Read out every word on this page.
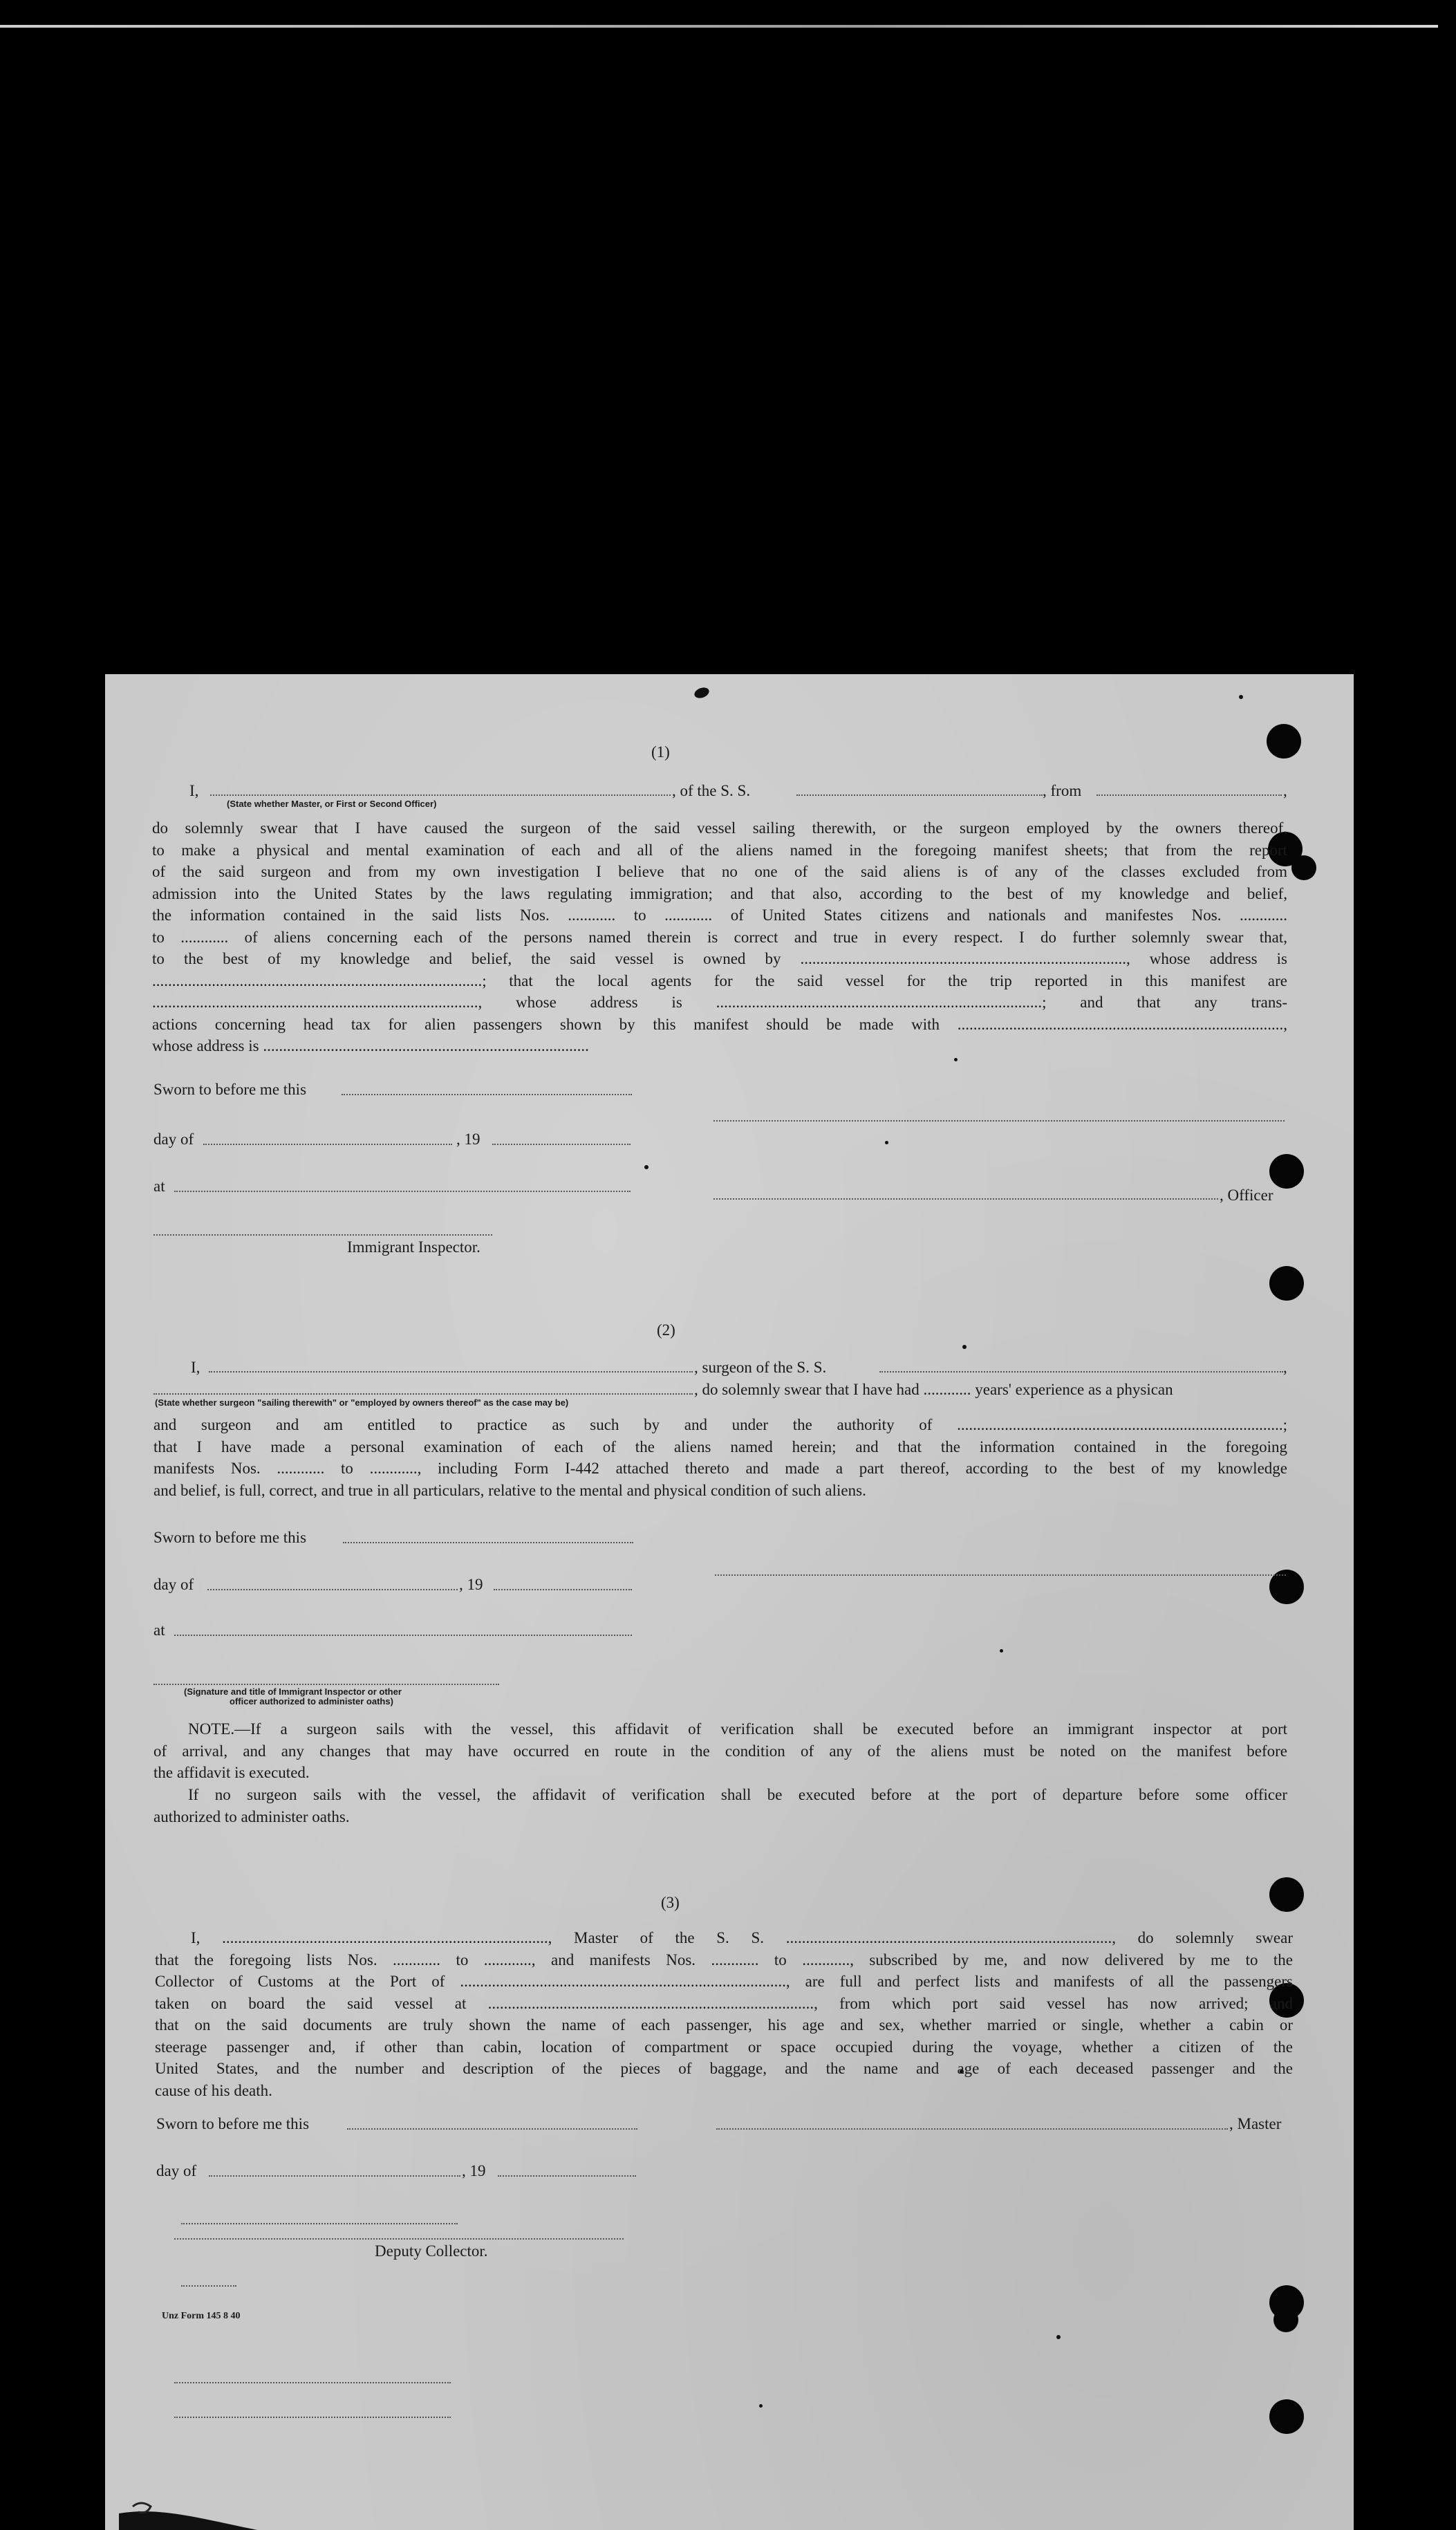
(1)
I,	, of the S. S.	, from	,
(State whether Master, or First or Second Officer)
do solemnly swear that I have caused the surgeon of the said vessel sailing therewith, or the surgeon employed by the owners thereof,
to make a physical and mental examination of each and all of the aliens named in the foregoing manifest sheets; that from the report
of the said surgeon and from my own investigation I believe that no one of the said aliens is of any of the classes excluded from
admission into the United States by the laws regulating immigration; and that also, according to the best of my knowledge and belief,
the information contained in the said lists Nos. ............ to ............ of United States citizens and nationals and manifestes Nos. ............
to ............ of aliens concerning each of the persons named therein is correct and true in every respect. I do further solemnly swear that,
to the best of my knowledge and belief, the said vessel is owned by .................................................................................., whose address is
...................................................................................; that the local agents for the said vessel for the trip reported in this manifest are
.................................................................................., whose address is ..................................................................................; and that any trans-
actions concerning head tax for alien passengers shown by this manifest should be made with ..................................................................................,
whose address is ..................................................................................
Sworn to before me this
day of	, 19
at
, Officer
Immigrant Inspector.
(2)
I,	, surgeon of the S. S.	,
, do solemnly swear that I have had ............ years' experience as a physican
(State whether surgeon "sailing therewith" or "employed by owners thereof" as the case may be)
and surgeon and am entitled to practice as such by and under the authority of ..................................................................................;
that I have made a personal examination of each of the aliens named herein; and that the information contained in the foregoing
manifests Nos. ............ to ............, including Form I-442 attached thereto and made a part thereof, according to the best of my knowledge
and belief, is full, correct, and true in all particulars, relative to the mental and physical condition of such aliens.
Sworn to before me this
day of	, 19
at
(Signature and title of Immigrant Inspector or other
officer authorized to administer oaths)
NOTE.—If a surgeon sails with the vessel, this affidavit of verification shall be executed before an immigrant inspector at port
of arrival, and any changes that may have occurred en route in the condition of any of the aliens must be noted on the manifest before
the affidavit is executed.
If no surgeon sails with the vessel, the affidavit of verification shall be executed before at the port of departure before some officer
authorized to administer oaths.
(3)
I, .................................................................................., Master of the S. S. .................................................................................., do solemnly swear
that the foregoing lists Nos. ............ to ............, and manifests Nos. ............ to ............, subscribed by me, and now delivered by me to the
Collector of Customs at the Port of .................................................................................., are full and perfect lists and manifests of all the passengers
taken on board the said vessel at .................................................................................., from which port said vessel has now arrived; and
that on the said documents are truly shown the name of each passenger, his age and sex, whether married or single, whether a cabin or
steerage passenger and, if other than cabin, location of compartment or space occupied during the voyage, whether a citizen of the
United States, and the number and description of the pieces of baggage, and the name and age of each deceased passenger and the
cause of his death.
Sworn to before me this	, Master
day of	, 19
Deputy Collector.
Unz Form 145 8 40
